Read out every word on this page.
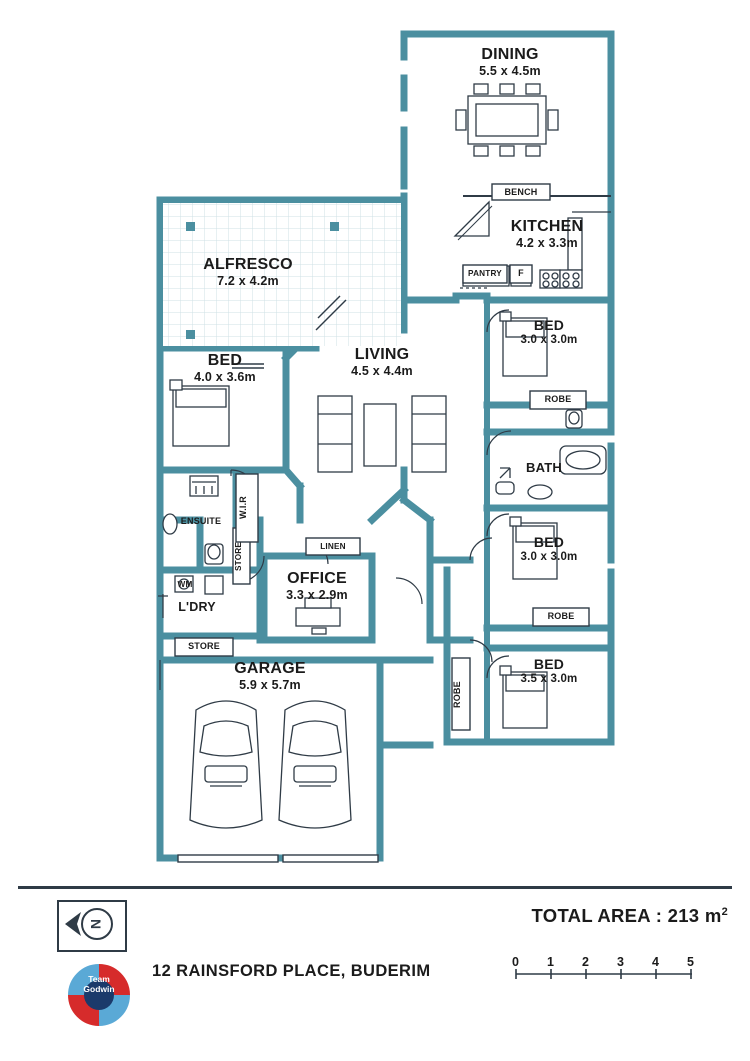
DINING
5.5 x 4.5m
KITCHEN
4.2 x 3.3m
ALFRESCO
7.2 x 4.2m
LIVING
4.5 x 4.4m
BED
4.0 x 3.6m
BED
3.0 x 3.0m
BED
3.0 x 3.0m
BED
3.5 x 3.0m
OFFICE
3.3 x 2.9m
GARAGE
5.9 x 5.7m
BENCH
PANTRY	F
ROBE
ROBE
ROBE
BATH
ENSUITE
W.I.R
STORE
STORE
LINEN
L'DRY
WM
N
Team
Godwin
12 RAINSFORD PLACE, BUDERIM
TOTAL AREA : 213 $m^2$
0 1 2 3 4 5
